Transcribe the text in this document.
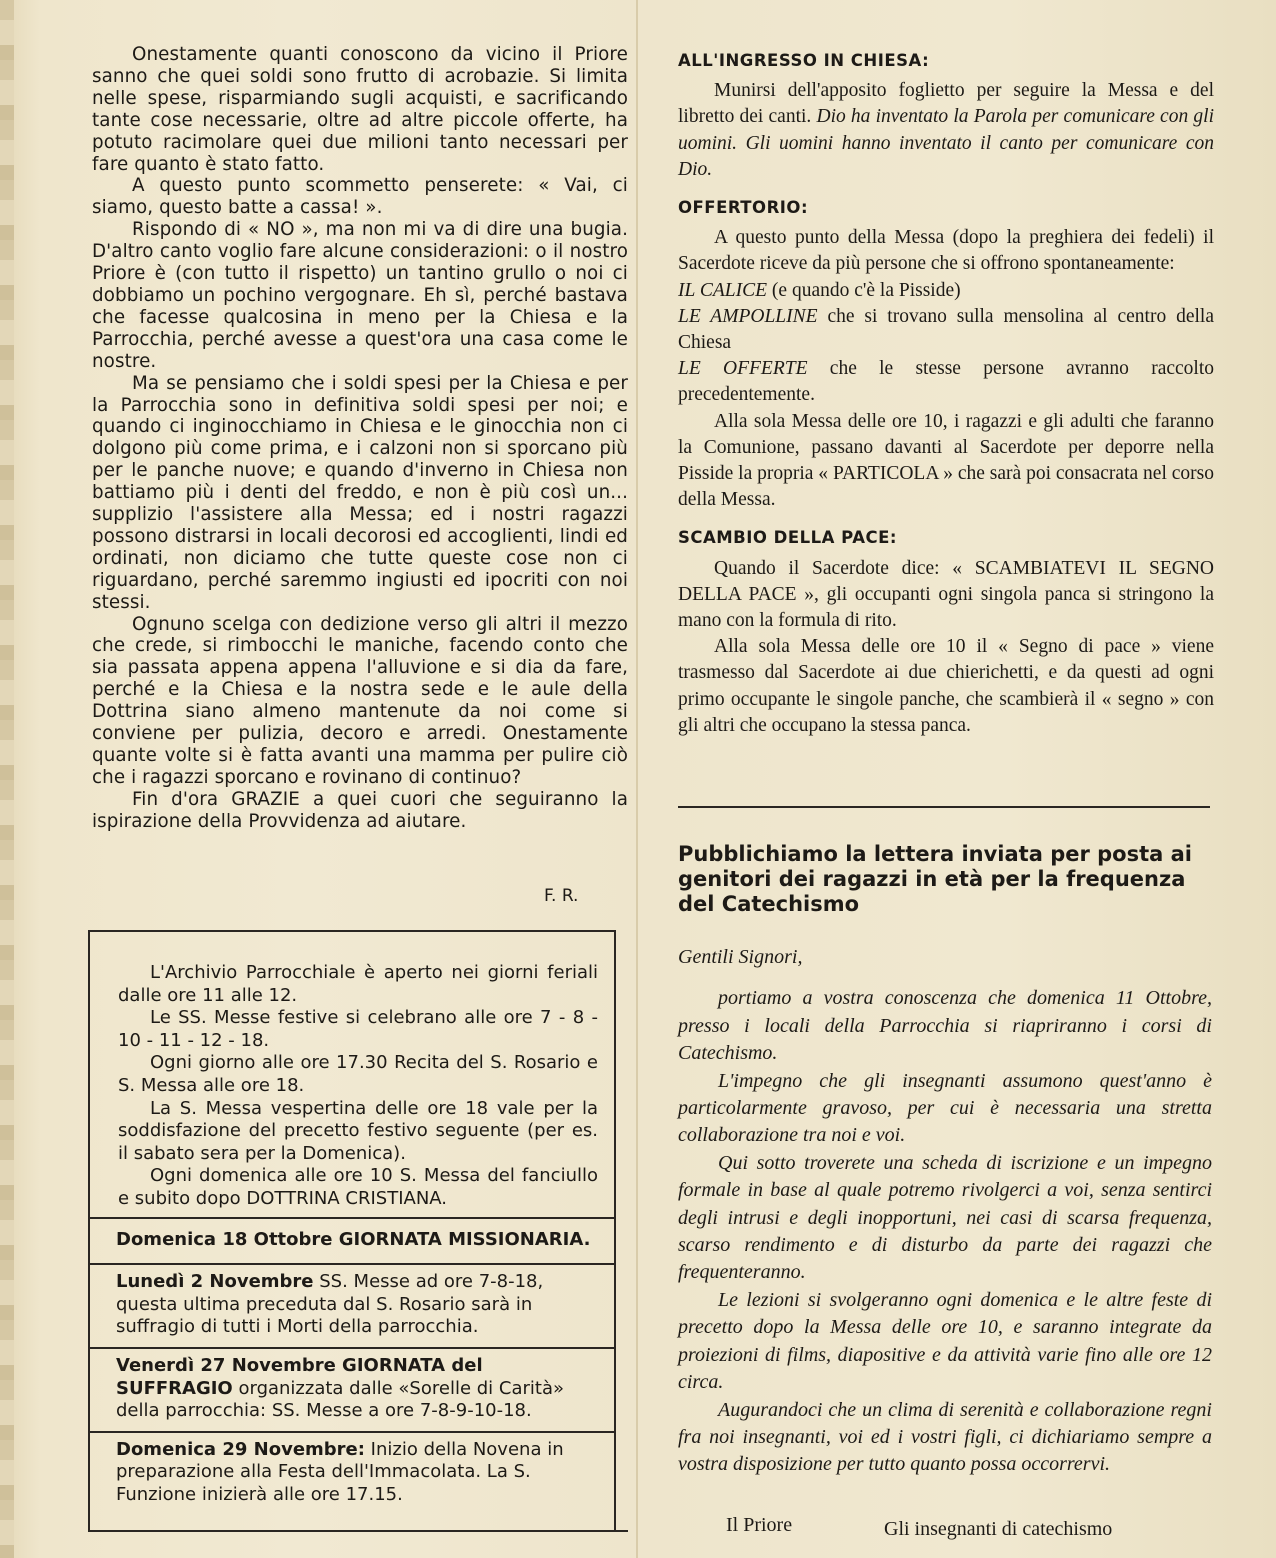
Onestamente quanti conoscono da vicino il Priore sanno che quei soldi sono frutto di acrobazie. Si limita nelle spese, risparmiando sugli acquisti, e sacrificando tante cose necessarie, oltre ad altre piccole offerte, ha potuto racimolare quei due milioni tanto necessari per fare quanto è stato fatto.

A questo punto scommetto penserete: « Vai, ci siamo, questo batte a cassa! ».

Rispondo di « NO », ma non mi va di dire una bugia. D'altro canto voglio fare alcune considerazioni: o il nostro Priore è (con tutto il rispetto) un tantino grullo o noi ci dobbiamo un pochino vergognare. Eh sì, perché bastava che facesse qualcosina in meno per la Chiesa e la Parrocchia, perché avesse a quest'ora una casa come le nostre.

Ma se pensiamo che i soldi spesi per la Chiesa e per la Parrocchia sono in definitiva soldi spesi per noi; e quando ci inginocchiamo in Chiesa e le ginocchia non ci dolgono più come prima, e i calzoni non si sporcano più per le panche nuove; e quando d'inverno in Chiesa non battiamo più i denti del freddo, e non è più così un... supplizio l'assistere alla Messa; ed i nostri ragazzi possono distrarsi in locali decorosi ed accoglienti, lindi ed ordinati, non diciamo che tutte queste cose non ci riguardano, perché saremmo ingiusti ed ipocriti con noi stessi.

Ognuno scelga con dedizione verso gli altri il mezzo che crede, si rimbocchi le maniche, facendo conto che sia passata appena appena l'alluvione e si dia da fare, perché e la Chiesa e la nostra sede e le aule della Dottrina siano almeno mantenute da noi come si conviene per pulizia, decoro e arredi. Onestamente quante volte si è fatta avanti una mamma per pulire ciò che i ragazzi sporcano e rovinano di continuo?

Fin d'ora GRAZIE a quei cuori che seguiranno la ispirazione della Provvidenza ad aiutare.

F. R.

L'Archivio Parrocchiale è aperto nei giorni feriali dalle ore 11 alle 12.

Le SS. Messe festive si celebrano alle ore 7 - 8 - 10 - 11 - 12 - 18.

Ogni giorno alle ore 17.30 Recita del S. Rosario e S. Messa alle ore 18.

La S. Messa vespertina delle ore 18 vale per la soddisfazione del precetto festivo seguente (per es. il sabato sera per la Domenica).

Ogni domenica alle ore 10 S. Messa del fanciullo e subito dopo DOTTRINA CRISTIANA.

Domenica 18 Ottobre GIORNATA MISSIONARIA.
Lunedì 2 Novembre SS. Messe ad ore 7-8-18, questa ultima preceduta dal S. Rosario sarà in suffragio di tutti i Morti della parrocchia.
Venerdì 27 Novembre GIORNATA del SUFFRAGIO organizzata dalle «Sorelle di Carità» della parrocchia: SS. Messe a ore 7-8-9-10-18.
Domenica 29 Novembre: Inizio della Novena in preparazione alla Festa dell'Immacolata. La S. Funzione inizierà alle ore 17.15.
ALL'INGRESSO IN CHIESA:

Munirsi dell'apposito foglietto per seguire la Messa e del libretto dei canti. Dio ha inventato la Parola per comunicare con gli uomini. Gli uomini hanno inventato il canto per comunicare con Dio.

OFFERTORIO:

A questo punto della Messa (dopo la preghiera dei fedeli) il Sacerdote riceve da più persone che si offrono spontaneamente:

IL CALICE (e quando c'è la Pisside)

LE AMPOLLINE che si trovano sulla mensolina al centro della Chiesa

LE OFFERTE che le stesse persone avranno raccolto precedentemente.

Alla sola Messa delle ore 10, i ragazzi e gli adulti che faranno la Comunione, passano davanti al Sacerdote per deporre nella Pisside la propria « PARTICOLA » che sarà poi consacrata nel corso della Messa.

SCAMBIO DELLA PACE:

Quando il Sacerdote dice: « SCAMBIATEVI IL SEGNO DELLA PACE », gli occupanti ogni singola panca si stringono la mano con la formula di rito.

Alla sola Messa delle ore 10 il « Segno di pace » viene trasmesso dal Sacerdote ai due chierichetti, e da questi ad ogni primo occupante le singole panche, che scambierà il « segno » con gli altri che occupano la stessa panca.

Pubblichiamo la lettera inviata per posta ai genitori dei ragazzi in età per la frequenza del Catechismo

Gentili Signori,

portiamo a vostra conoscenza che domenica 11 Ottobre, presso i locali della Parrocchia si riapriranno i corsi di Catechismo.

L'impegno che gli insegnanti assumono quest'anno è particolarmente gravoso, per cui è necessaria una stretta collaborazione tra noi e voi.

Qui sotto troverete una scheda di iscrizione e un impegno formale in base al quale potremo rivolgerci a voi, senza sentirci degli intrusi e degli inopportuni, nei casi di scarsa frequenza, scarso rendimento e di disturbo da parte dei ragazzi che frequenteranno.

Le lezioni si svolgeranno ogni domenica e le altre feste di precetto dopo la Messa delle ore 10, e saranno integrate da proiezioni di films, diapositive e da attività varie fino alle ore 12 circa.

Augurandoci che un clima di serenità e collaborazione regni fra noi insegnanti, voi ed i vostri figli, ci dichiariamo sempre a vostra disposizione per tutto quanto possa occorrervi.

Il Priore	Gli insegnanti di catechismo
